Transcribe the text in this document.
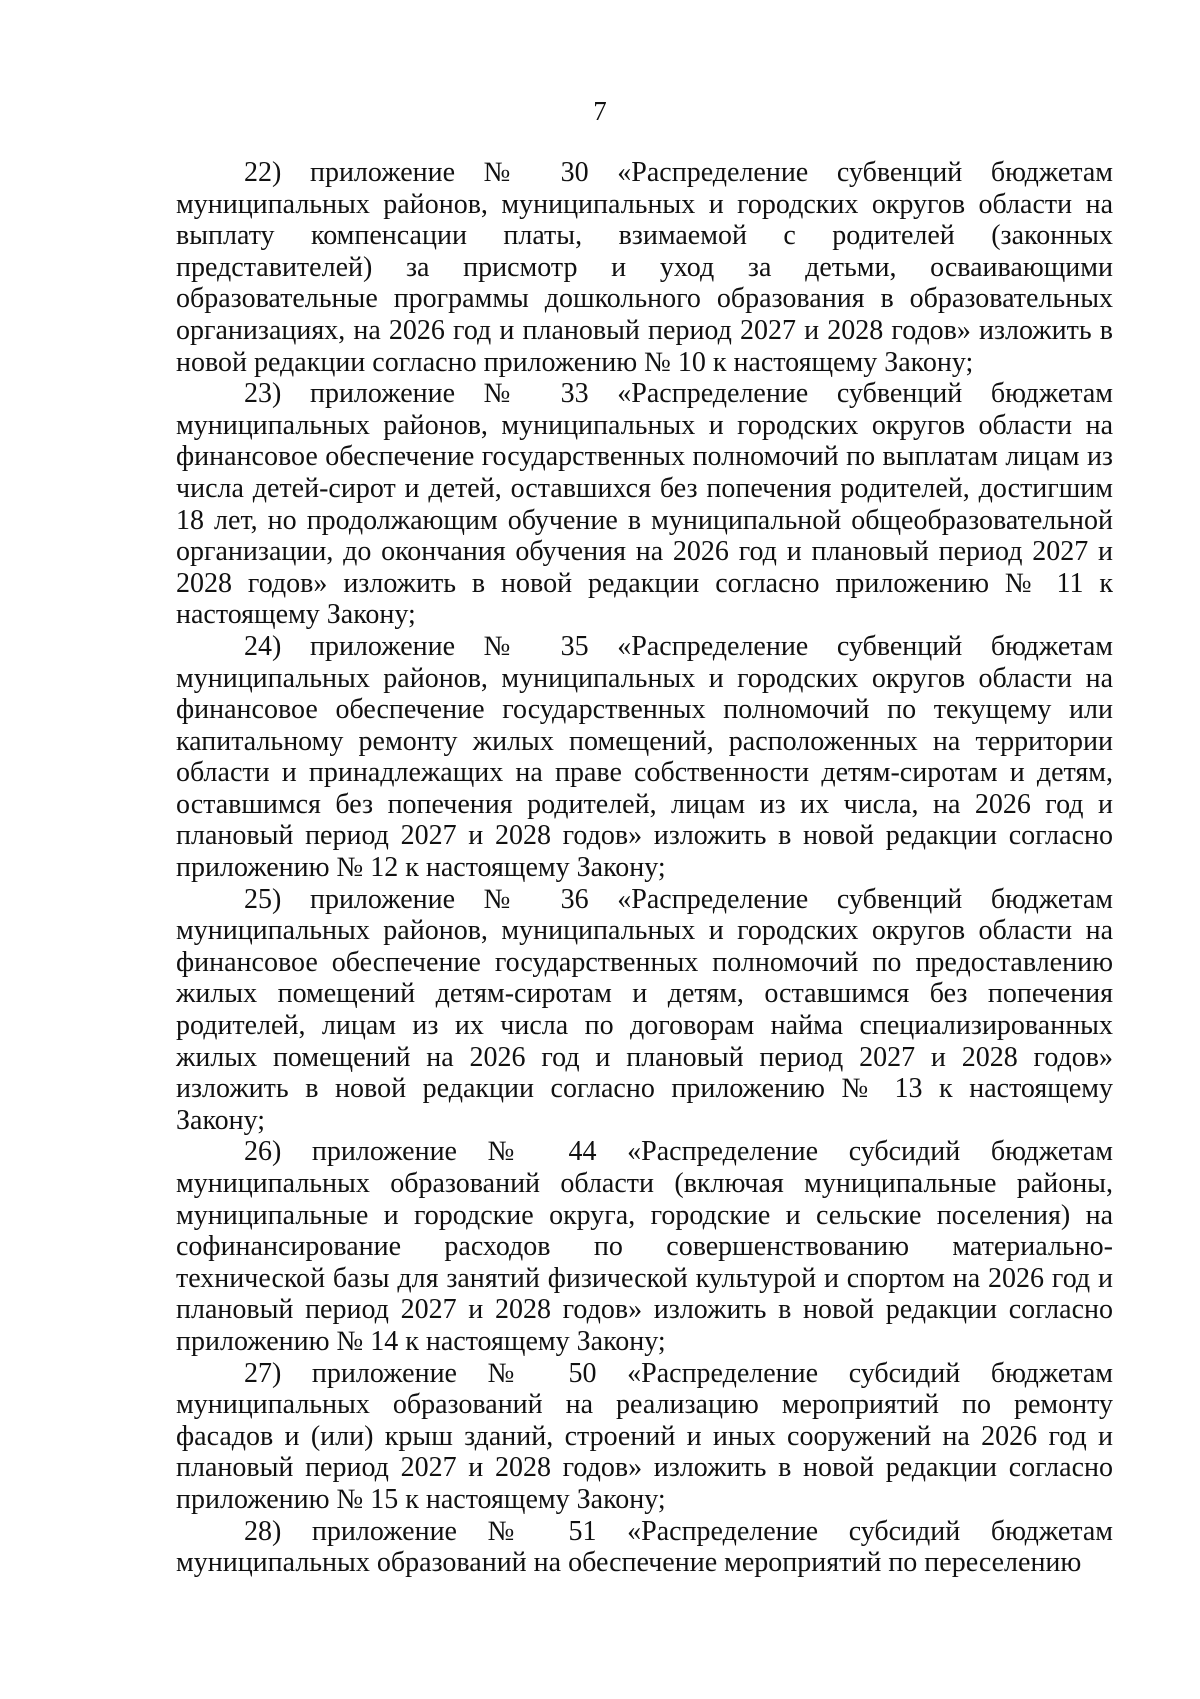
7

22) приложение № 30 «Распределение субвенций бюджетам муниципальных районов, муниципальных и городских округов области на выплату компенсации платы, взимаемой с родителей (законных представителей) за присмотр и уход за детьми, осваивающими образовательные программы дошкольного образования в образовательных организациях, на 2026 год и плановый период 2027 и 2028 годов» изложить в новой редакции согласно приложению № 10 к настоящему Закону;

23) приложение № 33 «Распределение субвенций бюджетам муниципальных районов, муниципальных и городских округов области на финансовое обеспечение государственных полномочий по выплатам лицам из числа детей-сирот и детей, оставшихся без попечения родителей, достигшим 18 лет, но продолжающим обучение в муниципальной общеобразовательной организации, до окончания обучения на 2026 год и плановый период 2027 и 2028 годов» изложить в новой редакции согласно приложению № 11 к настоящему Закону;

24) приложение № 35 «Распределение субвенций бюджетам муниципальных районов, муниципальных и городских округов области на финансовое обеспечение государственных полномочий по текущему или капитальному ремонту жилых помещений, расположенных на территории области и принадлежащих на праве собственности детям-сиротам и детям, оставшимся без попечения родителей, лицам из их числа, на 2026 год и плановый период 2027 и 2028 годов» изложить в новой редакции согласно приложению № 12 к настоящему Закону;

25) приложение № 36 «Распределение субвенций бюджетам муниципальных районов, муниципальных и городских округов области на финансовое обеспечение государственных полномочий по предоставлению жилых помещений детям-сиротам и детям, оставшимся без попечения родителей, лицам из их числа по договорам найма специализированных жилых помещений на 2026 год и плановый период 2027 и 2028 годов» изложить в новой редакции согласно приложению № 13 к настоящему Закону;

26) приложение № 44 «Распределение субсидий бюджетам муниципальных образований области (включая муниципальные районы, муниципальные и городские округа, городские и сельские поселения) на софинансирование расходов по совершенствованию материально-технической базы для занятий физической культурой и спортом на 2026 год и плановый период 2027 и 2028 годов» изложить в новой редакции согласно приложению № 14 к настоящему Закону;

27) приложение № 50 «Распределение субсидий бюджетам муниципальных образований на реализацию мероприятий по ремонту фасадов и (или) крыш зданий, строений и иных сооружений на 2026 год и плановый период 2027 и 2028 годов» изложить в новой редакции согласно приложению № 15 к настоящему Закону;

28) приложение № 51 «Распределение субсидий бюджетам муниципальных образований на обеспечение мероприятий по переселению
